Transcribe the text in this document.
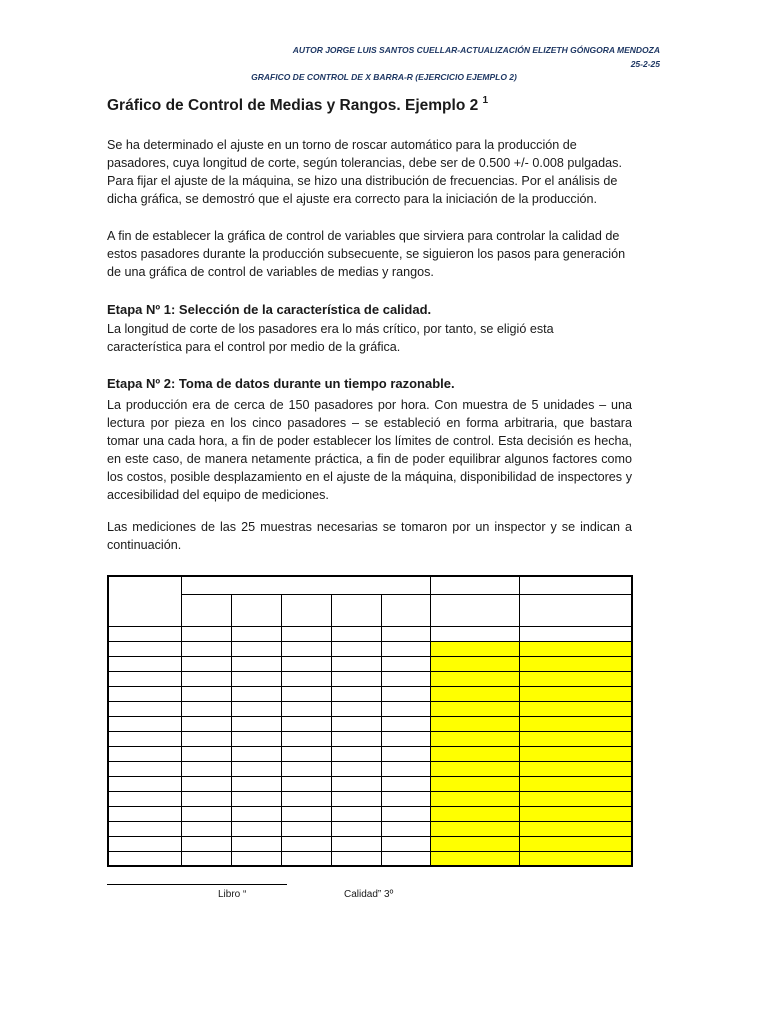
AUTOR JORGE LUIS SANTOS CUELLAR-ACTUALIZACIÓN ELIZETH GÓNGORA MENDOZA
25-2-25
GRAFICO DE CONTROL DE X BARRA-R (EJERCICIO EJEMPLO 2)
Gráfico de Control de Medias y Rangos. Ejemplo 2 $^1$
Se ha determinado el ajuste en un torno de roscar automático para la producción de pasadores, cuya longitud de corte, según tolerancias, debe ser de 0.500 +/- 0.008 pulgadas. Para fijar el ajuste de la máquina, se hizo una distribución de frecuencias. Por el análisis de dicha gráfica, se demostró que el ajuste era correcto para la iniciación de la producción.
A fin de establecer la gráfica de control de variables que sirviera para controlar la calidad de estos pasadores durante la producción subsecuente, se siguieron los pasos para generación de una gráfica de control de variables de medias y rangos.
Etapa Nº 1: Selección de la característica de calidad.
La longitud de corte de los pasadores era lo más crítico, por tanto, se eligió esta característica para el control por medio de la gráfica.
Etapa Nº 2: Toma de datos durante un tiempo razonable.
La producción era de cerca de 150 pasadores por hora. Con muestra de 5 unidades – una lectura por pieza en los cinco pasadores – se estableció en forma arbitraria, que bastara tomar una cada hora, a fin de poder establecer los límites de control. Esta decisión es hecha, en este caso, de manera netamente práctica, a fin de poder equilibrar algunos factores como los costos, posible desplazamiento en el ajuste de la máquina, disponibilidad de inspectores y accesibilidad del equipo de mediciones.
Las mediciones de las 25 muestras necesarias se tomaron por un inspector y se indican a continuación.

Libro “	Calidad” 3º
